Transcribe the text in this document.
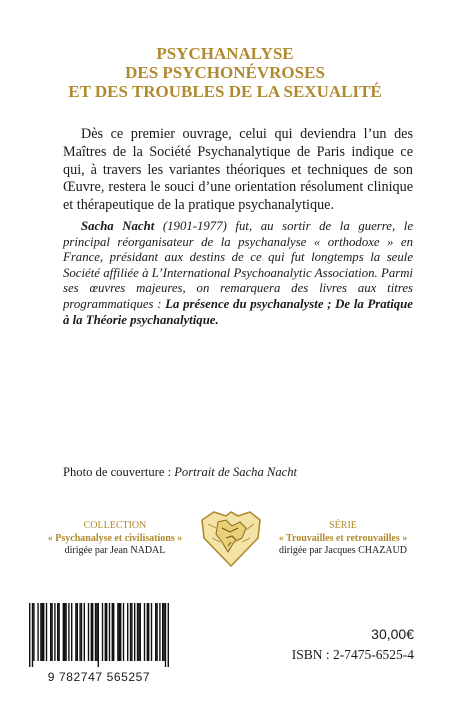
PSYCHANALYSE
DES PSYCHONÉVROSES
ET DES TROUBLES DE LA SEXUALITÉ

Dès ce premier ouvrage, celui qui deviendra l’un des Maîtres de la Société Psychanalytique de Paris indique ce qui, à travers les variantes théoriques et techniques de son Œuvre, restera le souci d’une orientation résolument clinique et thérapeutique de la pratique psychanalytique.

Sacha Nacht (1901-1977) fut, au sortir de la guerre, le principal réorganisateur de la psychanalyse « orthodoxe » en France, présidant aux destins de ce qui fut longtemps la seule Société affiliée à L’International Psychoanalytic Association. Parmi ses œuvres majeures, on remarquera des livres aux titres programmatiques : La présence du psychanalyste ; De la Pratique à la Théorie psychanalytique.

Photo de couverture : Portrait de Sacha Nacht
COLLECTION
« Psychanalyse et civilisations »
dirigée par Jean NADAL
SÉRIE
« Trouvailles et retrouvailles »
dirigée par Jacques CHAZAUD
9 782747 565257
30,00€
ISBN : 2-7475-6525-4
